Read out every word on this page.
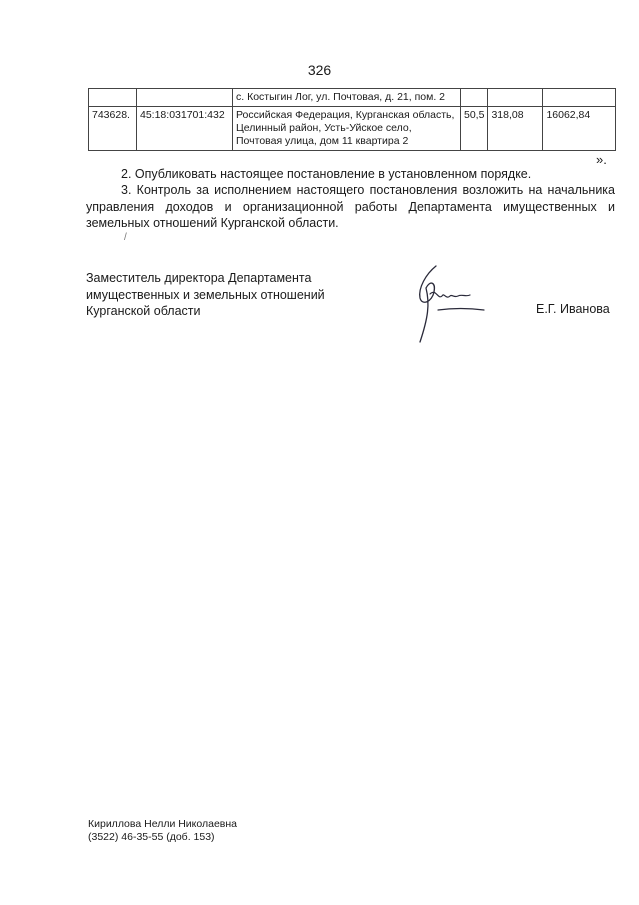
326
		с. Костыгин Лог, ул. Почтовая, д. 21, пом. 2			
743628.	45:18:031701:432	Российская Федерация, Курганская область, Целинный район, Усть-Уйское село, Почтовая улица, дом 11 квартира 2	50,5	318,08	16062,84
».
2. Опубликовать настоящее постановление в установленном порядке.
3. Контроль за исполнением настоящего постановления возложить на начальника управления доходов и организационной работы Департамента имущественных и земельных отношений Курганской области.
/
Заместитель директора Департамента
имущественных и земельных отношений
Курганской области	Е.Г. Иванова
Кириллова Нелли Николаевна
(3522) 46-35-55 (доб. 153)
